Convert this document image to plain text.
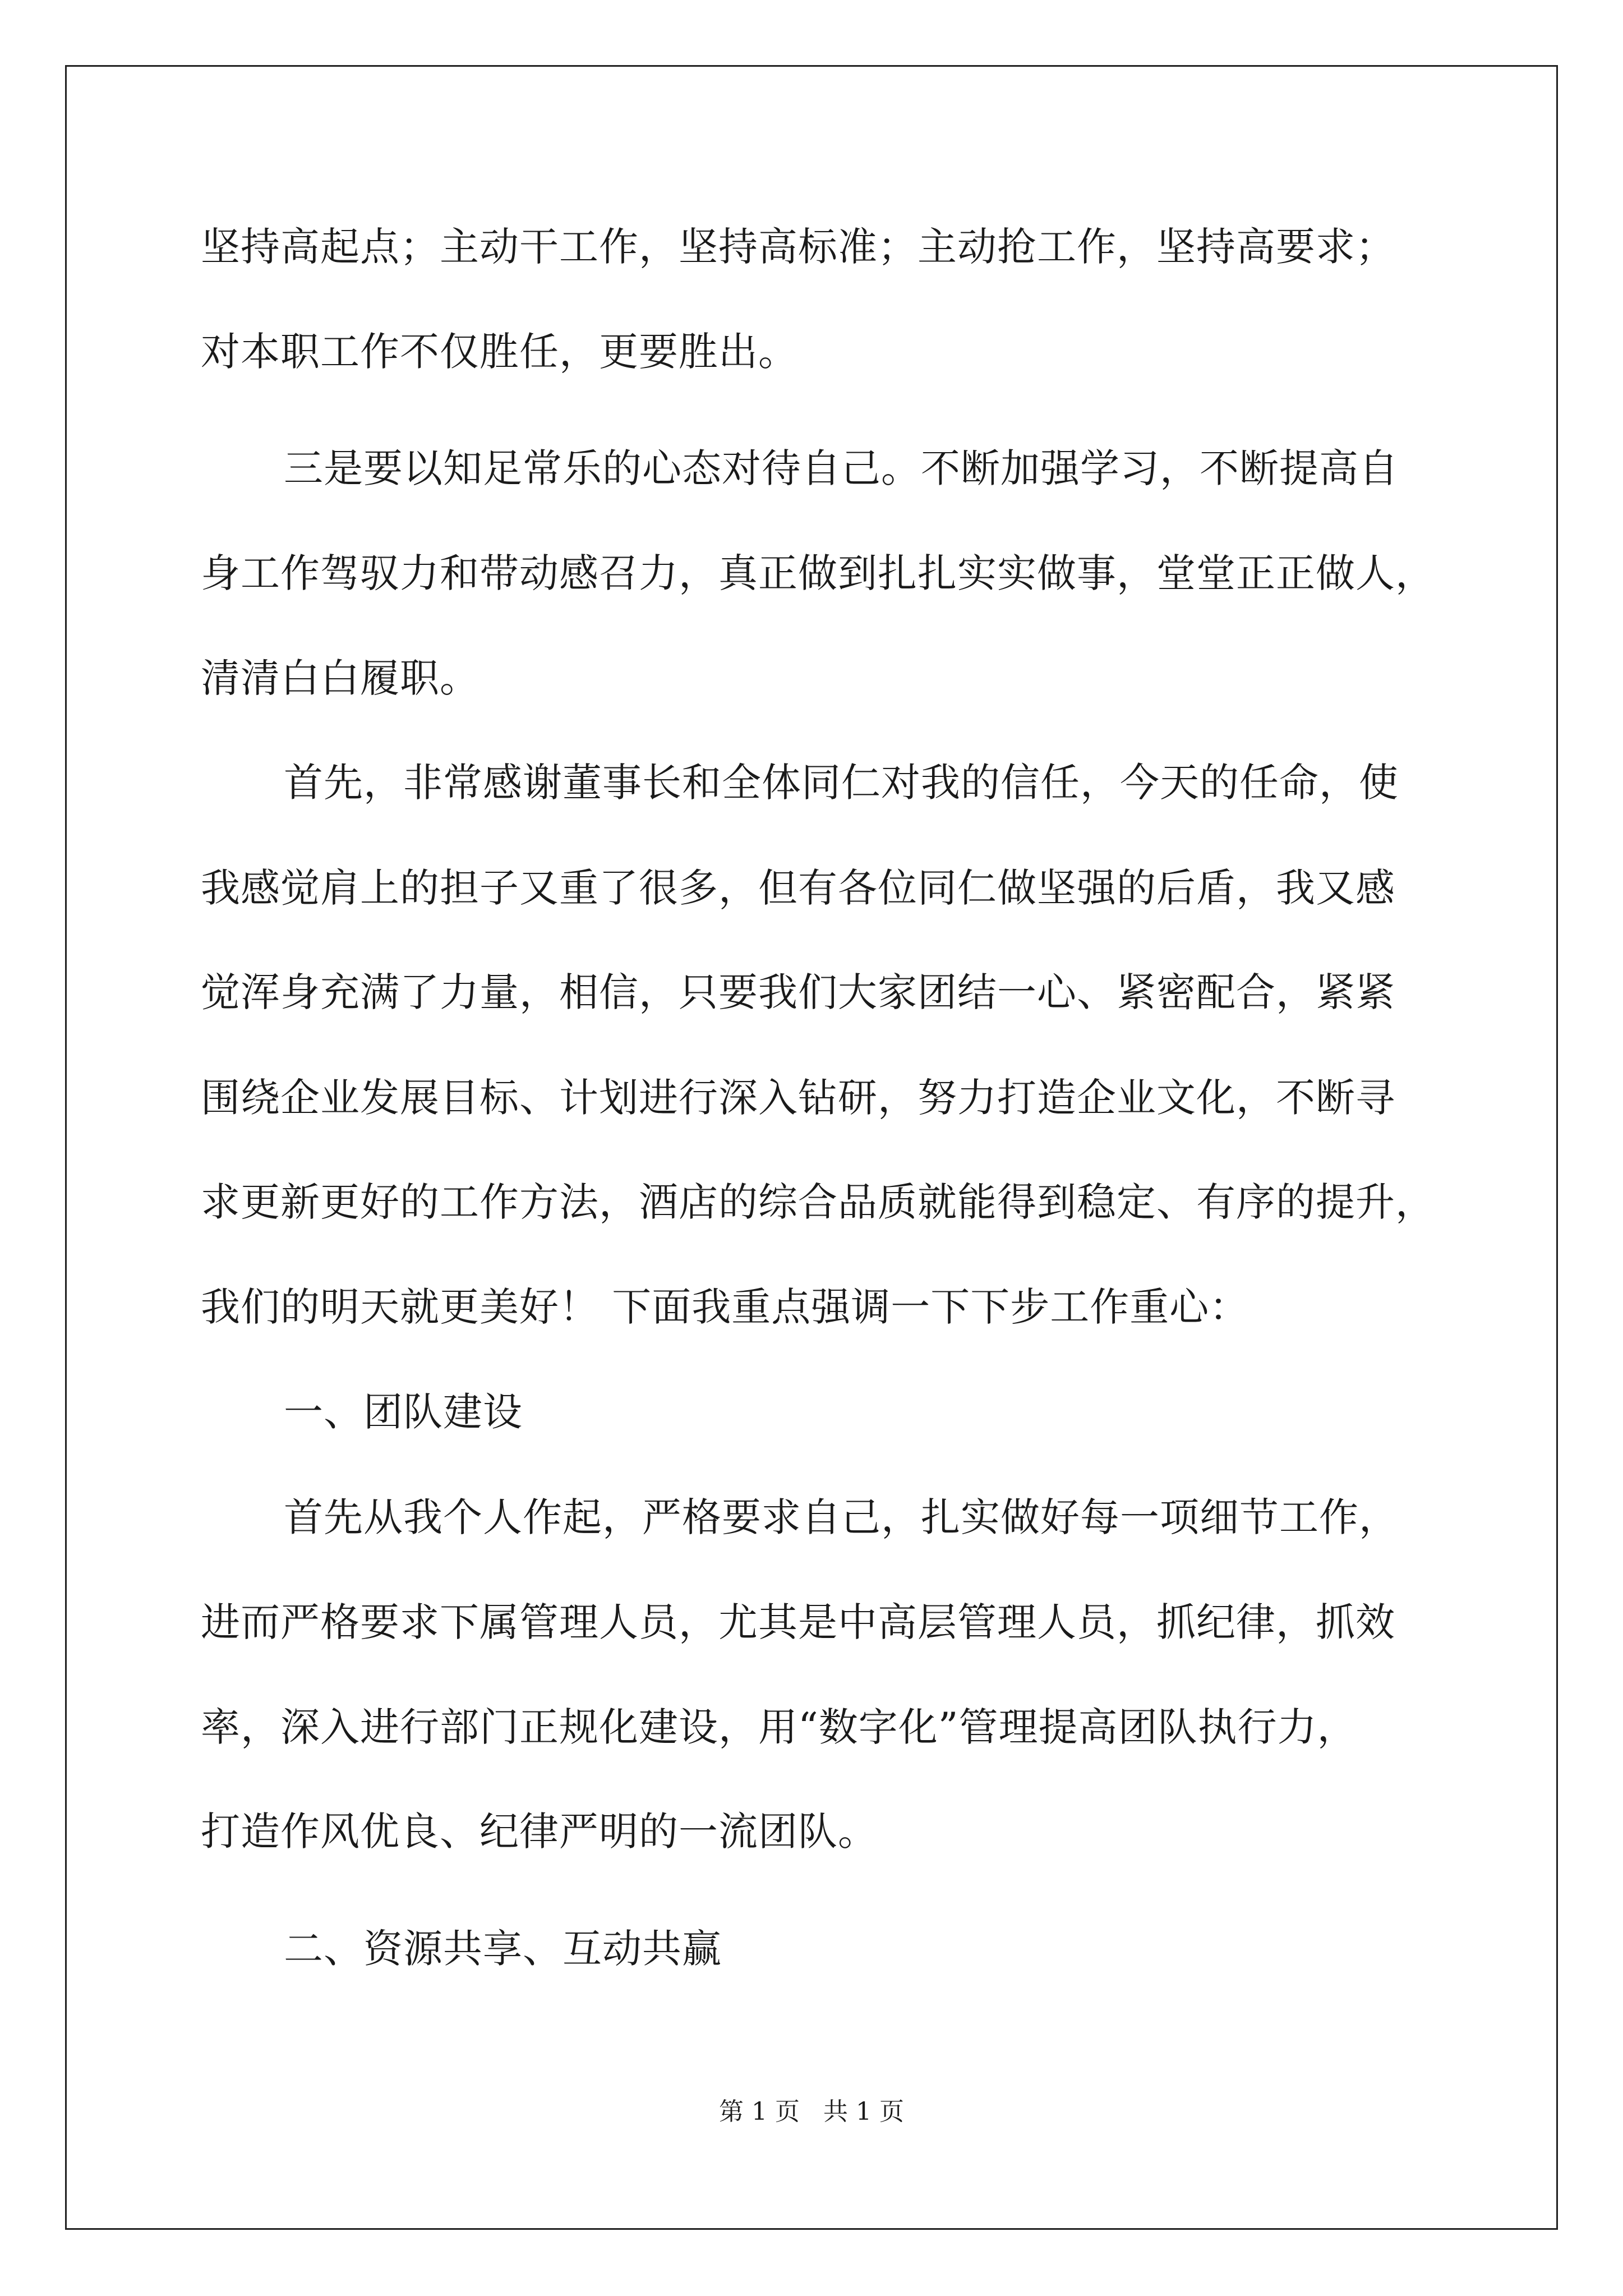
坚持高起点；主动干工作，坚持高标准；主动抢工作，坚持高要求；
对本职工作不仅胜任，更要胜出。
三是要以知足常乐的心态对待自己。不断加强学习，不断提高自
身工作驾驭力和带动感召力，真正做到扎扎实实做事，堂堂正正做人，
清清白白履职。
首先，非常感谢董事长和全体同仁对我的信任，今天的任命，使
我感觉肩上的担子又重了很多，但有各位同仁做坚强的后盾，我又感
觉浑身充满了力量，相信，只要我们大家团结一心、紧密配合，紧紧
围绕企业发展目标、计划进行深入钻研，努力打造企业文化，不断寻
求更新更好的工作方法，酒店的综合品质就能得到稳定、有序的提升，
我们的明天就更美好！ 下面我重点强调一下下步工作重心：
一、团队建设
首先从我个人作起，严格要求自己，扎实做好每一项细节工作，
进而严格要求下属管理人员，尤其是中高层管理人员，抓纪律，抓效
率，深入进行部门正规化建设，用“数字化”管理提高团队执行力，
打造作风优良、纪律严明的一流团队。
二、资源共享、互动共赢
第 1 页   共 1 页
